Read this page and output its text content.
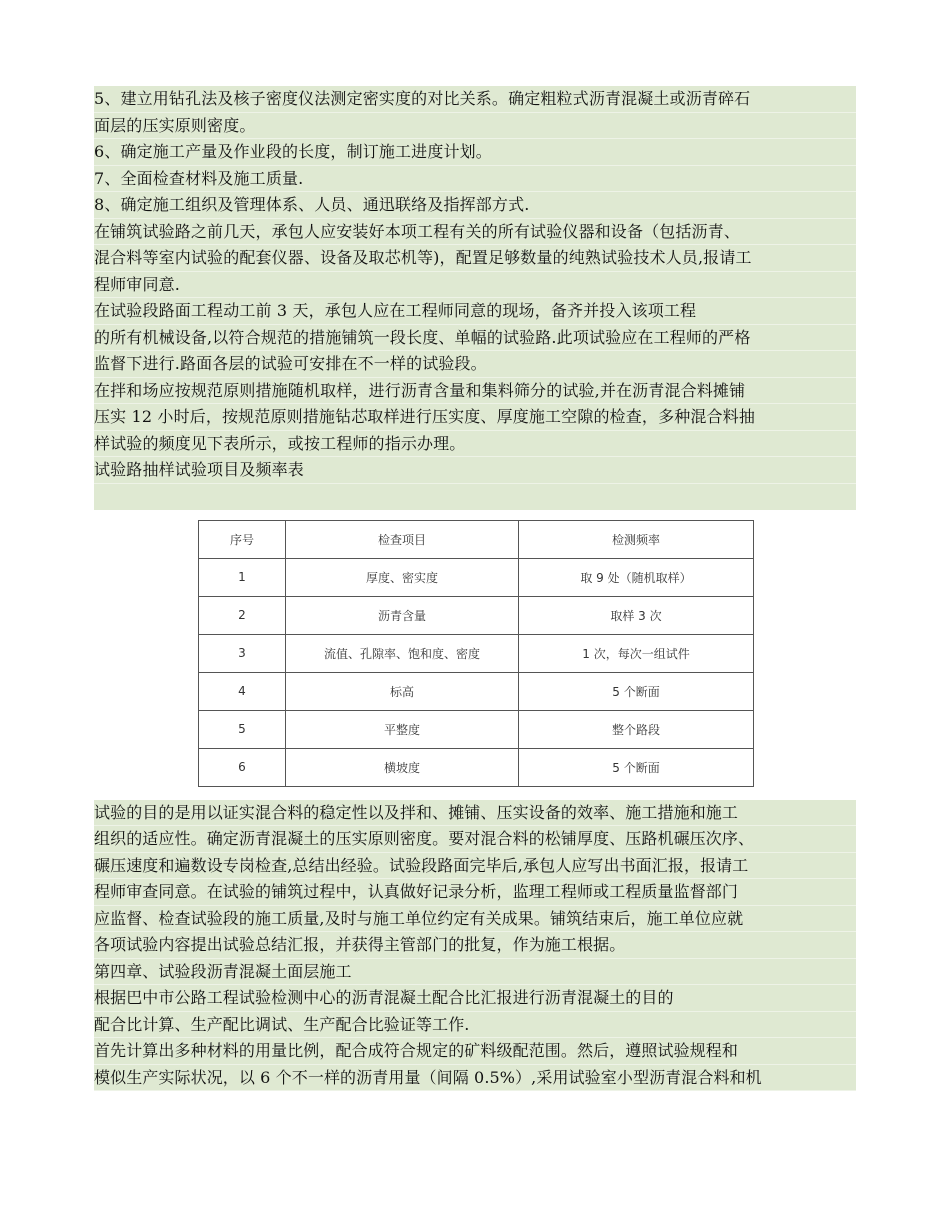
5、建立用钻孔法及核子密度仪法测定密实度的对比关系。确定粗粒式沥青混凝土或沥青碎石
面层的压实原则密度。
6、确定施工产量及作业段的长度，制订施工进度计划。
7、全面检查材料及施工质量.
8、确定施工组织及管理体系、人员、通迅联络及指挥部方式.
在铺筑试验路之前几天，承包人应安装好本项工程有关的所有试验仪器和设备（包括沥青、
混合料等室内试验的配套仪器、设备及取芯机等)，配置足够数量的纯熟试验技术人员,报请工
程师审同意.
在试验段路面工程动工前 3 天，承包人应在工程师同意的现场，备齐并投入该项工程
的所有机械设备,以符合规范的措施铺筑一段长度、单幅的试验路.此项试验应在工程师的严格
监督下进行.路面各层的试验可安排在不一样的试验段。
在拌和场应按规范原则措施随机取样，进行沥青含量和集料筛分的试验,并在沥青混合料摊铺
压实 12 小时后，按规范原则措施钻芯取样进行压实度、厚度施工空隙的检查，多种混合料抽
样试验的频度见下表所示，或按工程师的指示办理。
试验路抽样试验项目及频率表
序号	检查项目	检测频率
1	厚度、密实度	取 9 处（随机取样）
2	沥青含量	取样 3 次
3	流值、孔隙率、饱和度、密度	1 次，每次一组试件
4	标高	5 个断面
5	平整度	整个路段
6	横坡度	5 个断面
试验的目的是用以证实混合料的稳定性以及拌和、摊铺、压实设备的效率、施工措施和施工
组织的适应性。确定沥青混凝土的压实原则密度。要对混合料的松铺厚度、压路机碾压次序、
碾压速度和遍数设专岗检查,总结出经验。试验段路面完毕后,承包人应写出书面汇报，报请工
程师审查同意。在试验的铺筑过程中，认真做好记录分析，监理工程师或工程质量监督部门
应监督、检查试验段的施工质量,及时与施工单位约定有关成果。铺筑结束后，施工单位应就
各项试验内容提出试验总结汇报，并获得主管部门的批复，作为施工根据。
第四章、试验段沥青混凝土面层施工
根据巴中市公路工程试验检测中心的沥青混凝土配合比汇报进行沥青混凝土的目的
配合比计算、生产配比调试、生产配合比验证等工作.
首先计算出多种材料的用量比例，配合成符合规定的矿料级配范围。然后，遵照试验规程和
模似生产实际状况，以 6 个不一样的沥青用量（间隔 0.5%）,采用试验室小型沥青混合料和机
